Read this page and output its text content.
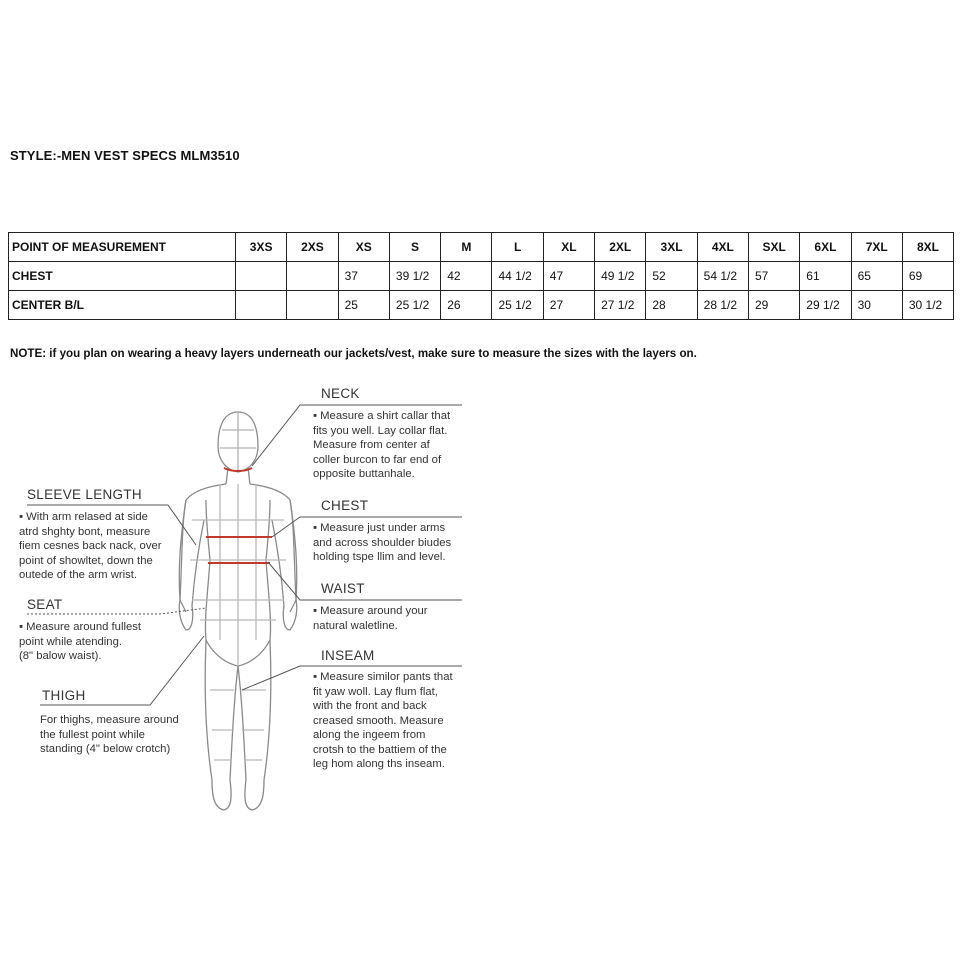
STYLE:-MEN VEST SPECS MLM3510
POINT OF MEASUREMENT	3XS	2XS	XS	S	M	L	XL	2XL	3XL	4XL	SXL	6XL	7XL	8XL
CHEST			37	39 1/2	42	44 1/2	47	49 1/2	52	54 1/2	57	61	65	69
CENTER B/L			25	25 1/2	26	25 1/2	27	27 1/2	28	28 1/2	29	29 1/2	30	30 1/2
NOTE: if you plan on wearing a heavy layers underneath our jackets/vest, make sure to measure the sizes with the layers on.
NECK
▪ Measure a shirt callar that
fits you well. Lay collar flat.
Measure from center af
coller burcon to far end of
opposite buttanhale.
CHEST
▪ Measure just under arms
and across shoulder biudes
holding tspe llim and level.
WAIST
▪ Measure around your
natural waletline.
INSEAM
▪ Measure similor pants that
fit yaw woll. Lay flum flat,
with the front and back
creased smooth. Measure
along the ingeem from
crotsh to the battiem of the
leg hom along ths inseam.
SLEEVE LENGTH
▪ With arm relased at side
atrd shghty bont, measure
fiem cesnes back nack, over
point of showltet, down the
outede of the arm wrist.
SEAT
▪ Measure around fullest
point while atending.
(8" balow waist).
THIGH
For thighs, measure around
the fullest point while
standing (4" below crotch)
